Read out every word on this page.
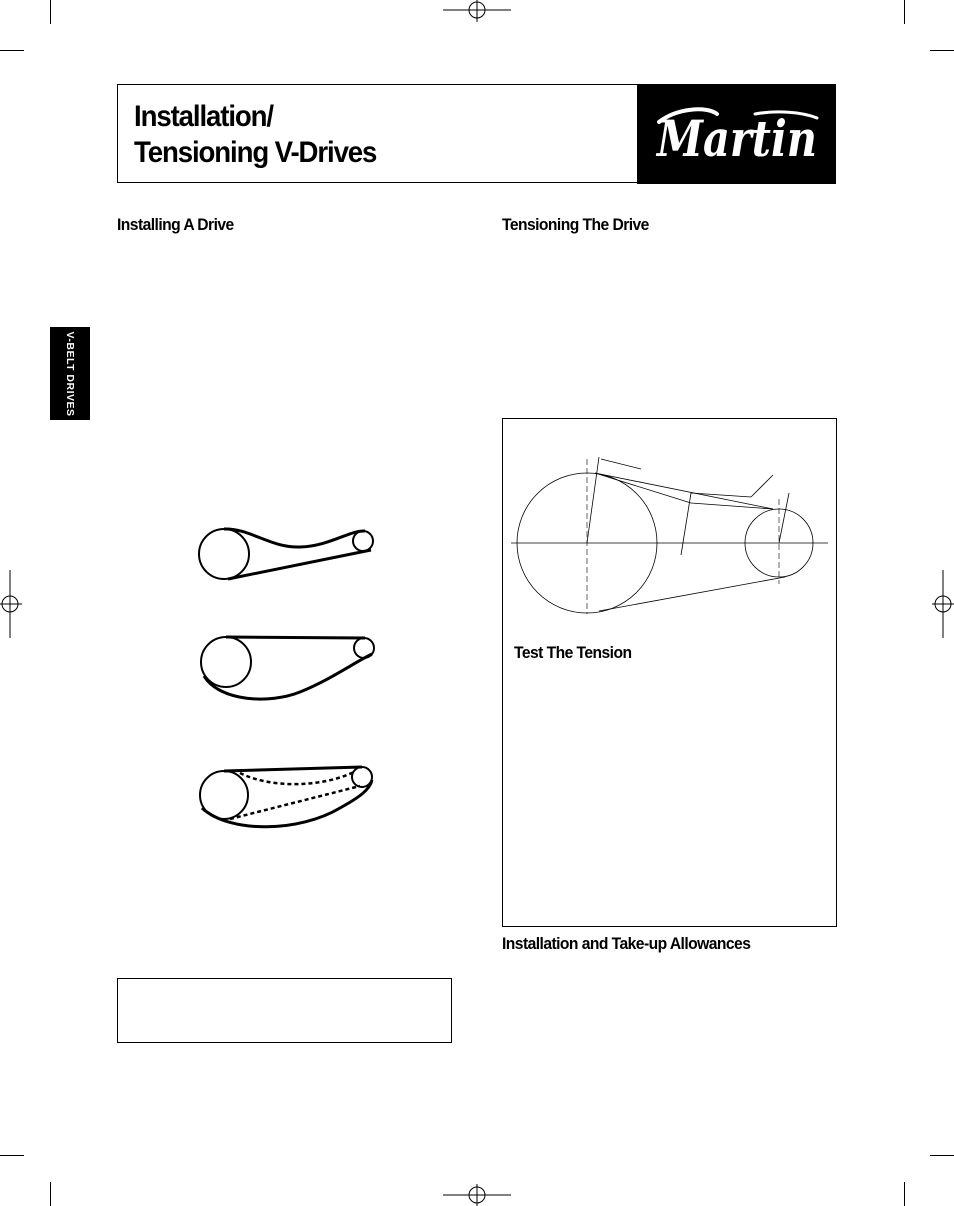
Installation/
Tensioning V-Drives	Martin
V-BELT DRIVES
Installing A Drive	Tensioning The Drive
Test The Tension
Installation and Take-up Allowances
